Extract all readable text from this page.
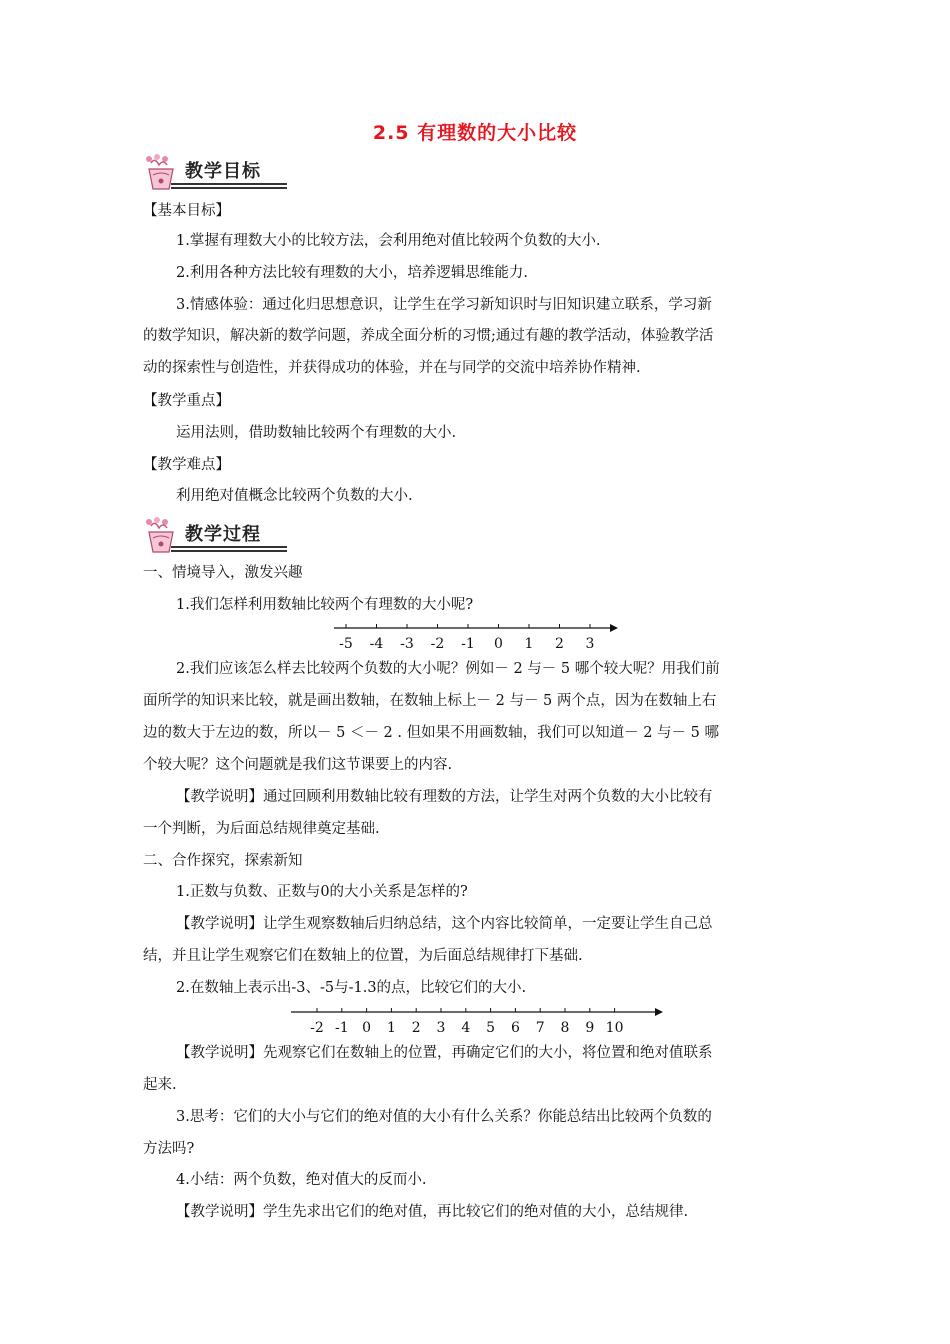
2.5 有理数的大小比较
教学目标
【基本目标】
1.掌握有理数大小的比较方法，会利用绝对值比较两个负数的大小.
2.利用各种方法比较有理数的大小，培养逻辑思维能力.
3.情感体验：通过化归思想意识，让学生在学习新知识时与旧知识建立联系，学习新
的数学知识，解决新的数学问题，养成全面分析的习惯;通过有趣的教学活动，体验教学活
动的探索性与创造性，并获得成功的体验，并在与同学的交流中培养协作精神.
【教学重点】
运用法则，借助数轴比较两个有理数的大小.
【教学难点】
利用绝对值概念比较两个负数的大小.
教学过程
一、情境导入，激发兴趣
1.我们怎样利用数轴比较两个有理数的大小呢?
-5 -4 -3 -2 -1 0 1 2 3
2.我们应该怎么样去比较两个负数的大小呢？例如－ 2 与－ 5 哪个较大呢？用我们前
面所学的知识来比较，就是画出数轴，在数轴上标上－ 2 与－ 5 两个点，因为在数轴上右
边的数大于左边的数，所以－ 5 ＜－ 2 . 但如果不用画数轴，我们可以知道－ 2 与－ 5 哪
个较大呢？这个问题就是我们这节课要上的内容.
【教学说明】通过回顾利用数轴比较有理数的方法，让学生对两个负数的大小比较有
一个判断，为后面总结规律奠定基础.
二、合作探究，探索新知
1.正数与负数、正数与0的大小关系是怎样的?
【教学说明】让学生观察数轴后归纳总结，这个内容比较简单，一定要让学生自己总
结，并且让学生观察它们在数轴上的位置，为后面总结规律打下基础.
2.在数轴上表示出-3、-5与-1.3的点，比较它们的大小.
-2 -1 0 1 2 3 4 5 6 7 8 9 10
【教学说明】先观察它们在数轴上的位置，再确定它们的大小，将位置和绝对值联系
起来.
3.思考：它们的大小与它们的绝对值的大小有什么关系？你能总结出比较两个负数的
方法吗?
4.小结：两个负数，绝对值大的反而小.
【教学说明】学生先求出它们的绝对值，再比较它们的绝对值的大小，总结规律.
